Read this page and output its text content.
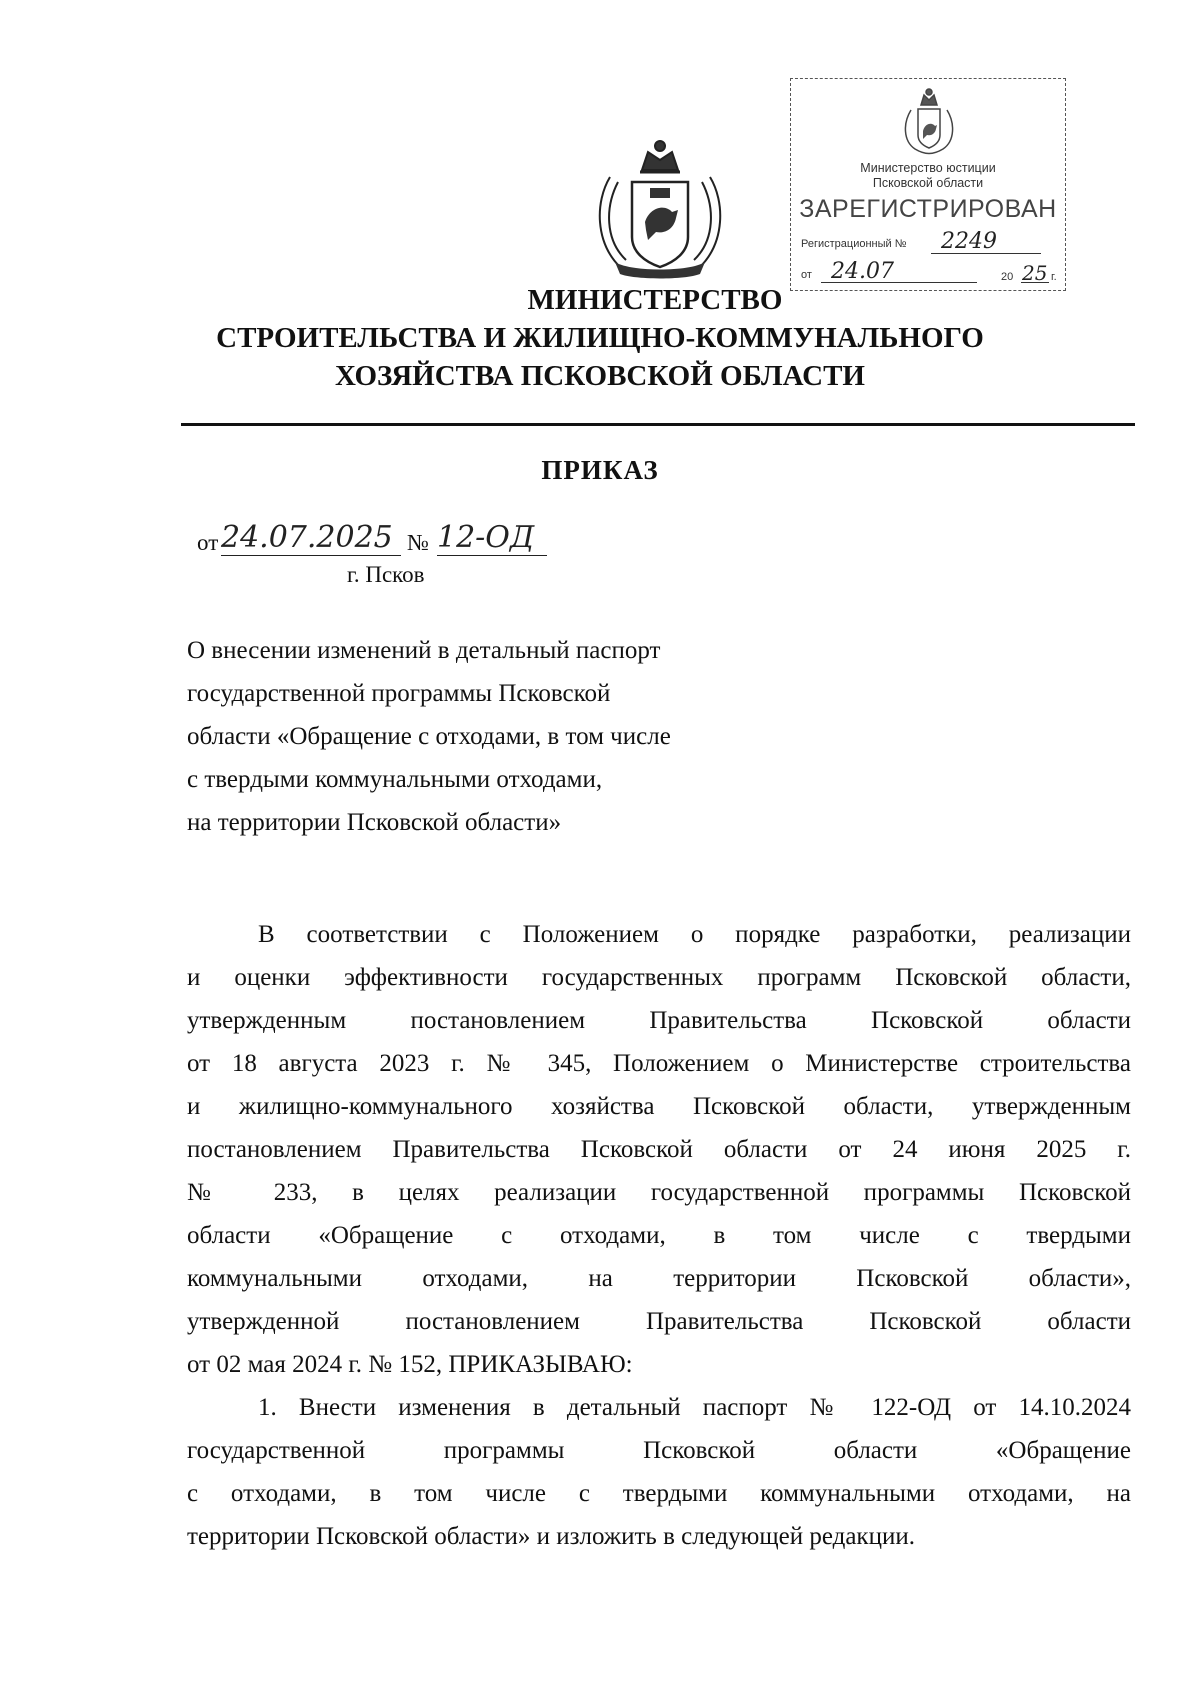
Министерство юстиции
Псковской области
ЗАРЕГИСТРИРОВАН
Регистрационный № 2249
от 24.07	20 25 г.
МИНИСТЕРСТВО
СТРОИТЕЛЬСТВА И ЖИЛИЩНО-КОММУНАЛЬНОГО
ХОЗЯЙСТВА ПСКОВСКОЙ ОБЛАСТИ
ПРИКАЗ
от 24.07.2025 № 12-ОД
г. Псков
О внесении изменений в детальный паспорт
государственной программы Псковской
области «Обращение с отходами, в том числе
с твердыми коммунальными отходами,
на территории Псковской области»
В соответствии с Положением о порядке разработки, реализации
и оценки эффективности государственных программ Псковской области,
утвержденным постановлением Правительства Псковской области
от 18 августа 2023 г. № 345, Положением о Министерстве строительства
и жилищно-коммунального хозяйства Псковской области, утвержденным
постановлением Правительства Псковской области от 24 июня 2025 г.
№ 233, в целях реализации государственной программы Псковской
области «Обращение с отходами, в том числе с твердыми
коммунальными отходами, на территории Псковской области»,
утвержденной постановлением Правительства Псковской области
от 02 мая 2024 г. № 152, ПРИКАЗЫВАЮ:
1. Внести изменения в детальный паспорт № 122-ОД от 14.10.2024
государственной программы Псковской области «Обращение
с отходами, в том числе с твердыми коммунальными отходами, на
территории Псковской области» и изложить в следующей редакции.
